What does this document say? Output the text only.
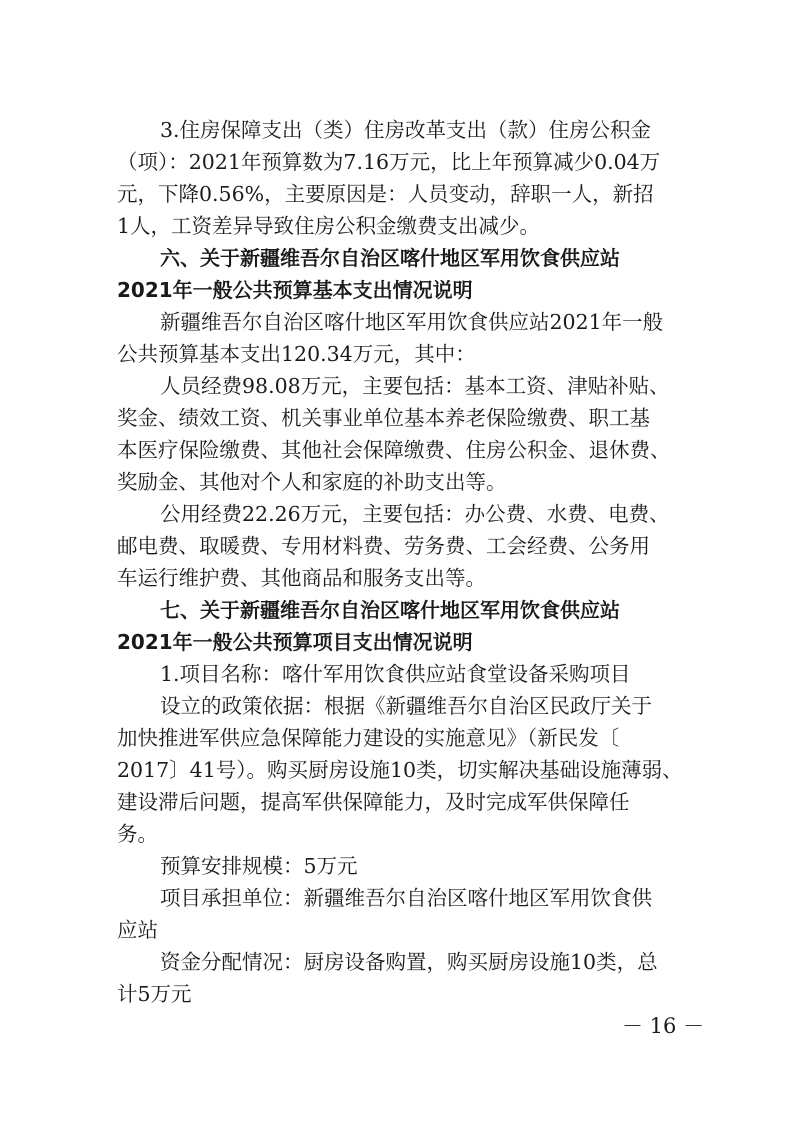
3.住房保障支出（类）住房改革支出（款）住房公积金

（项）：2021年预算数为7.16万元，比上年预算减少0.04万

元，下降0.56%，主要原因是：人员变动，辞职一人，新招

1人，工资差异导致住房公积金缴费支出减少。

六、关于新疆维吾尔自治区喀什地区军用饮食供应站

2021年一般公共预算基本支出情况说明

新疆维吾尔自治区喀什地区军用饮食供应站2021年一般

公共预算基本支出120.34万元，其中：

人员经费98.08万元，主要包括：基本工资、津贴补贴、

奖金、绩效工资、机关事业单位基本养老保险缴费、职工基

本医疗保险缴费、其他社会保障缴费、住房公积金、退休费、

奖励金、其他对个人和家庭的补助支出等。

公用经费22.26万元，主要包括：办公费、水费、电费、

邮电费、取暖费、专用材料费、劳务费、工会经费、公务用

车运行维护费、其他商品和服务支出等。

七、关于新疆维吾尔自治区喀什地区军用饮食供应站

2021年一般公共预算项目支出情况说明

1.项目名称：喀什军用饮食供应站食堂设备采购项目

设立的政策依据：根据《新疆维吾尔自治区民政厅关于

加快推进军供应急保障能力建设的实施意见》（新民发〔

2017〕41号）。购买厨房设施10类，切实解决基础设施薄弱、

建设滞后问题，提高军供保障能力，及时完成军供保障任

务。

预算安排规模：5万元

项目承担单位：新疆维吾尔自治区喀什地区军用饮食供

应站

资金分配情况：厨房设备购置，购买厨房设施10类，总

计5万元

－ 16 －
